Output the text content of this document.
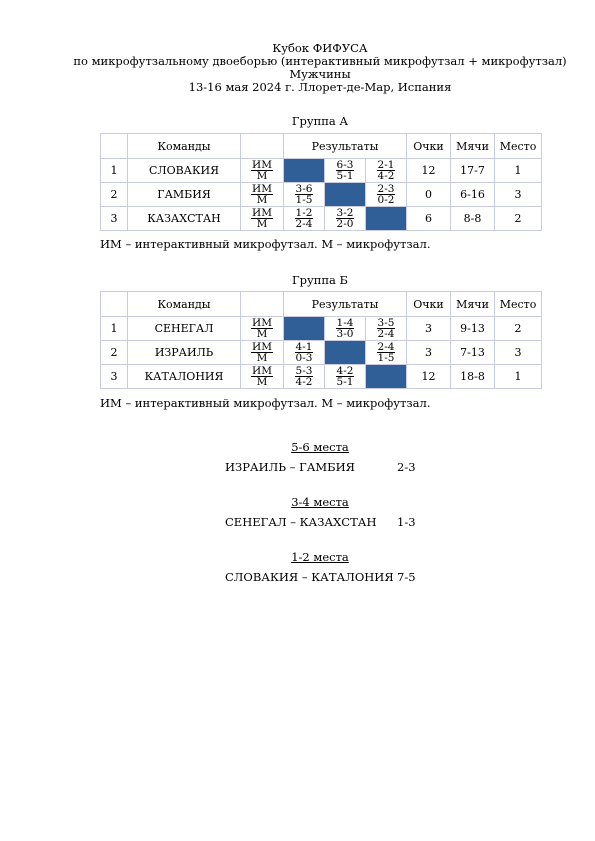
Кубок ФИФУСА
по микрофутзальному двоеборью (интерактивный микрофутзал + микрофутзал)
Мужчины
13-16 мая 2024 г. Ллорет-де-Мар, Испания
Группа А
	Команды		Результаты			Очки	Мячи	Место
1	СЛОВАКИЯ	$\frac{ИМ}{М}$		$\frac{6-3}{5-1}$	$\frac{2-1}{4-2}$	12	17-7	1
2	ГАМБИЯ	$\frac{ИМ}{М}$	$\frac{3-6}{1-5}$		$\frac{2-3}{0-2}$	0	6-16	3
3	КАЗАХСТАН	$\frac{ИМ}{М}$	$\frac{1-2}{2-4}$	$\frac{3-2}{2-0}$		6	8-8	2
ИМ – интерактивный микрофутзал. М – микрофутзал.
Группа Б
	Команды		Результаты			Очки	Мячи	Место
1	СЕНЕГАЛ	$\frac{ИМ}{М}$		$\frac{1-4}{3-0}$	$\frac{3-5}{2-4}$	3	9-13	2
2	ИЗРАИЛЬ	$\frac{ИМ}{М}$	$\frac{4-1}{0-3}$		$\frac{2-4}{1-5}$	3	7-13	3
3	КАТАЛОНИЯ	$\frac{ИМ}{М}$	$\frac{5-3}{4-2}$	$\frac{4-2}{5-1}$		12	18-8	1
ИМ – интерактивный микрофутзал. М – микрофутзал.
5-6 места
ИЗРАИЛЬ – ГАМБИЯ	2-3
3-4 места
СЕНЕГАЛ – КАЗАХСТАН 1-3
1-2 места
СЛОВАКИЯ – КАТАЛОНИЯ 7-5
